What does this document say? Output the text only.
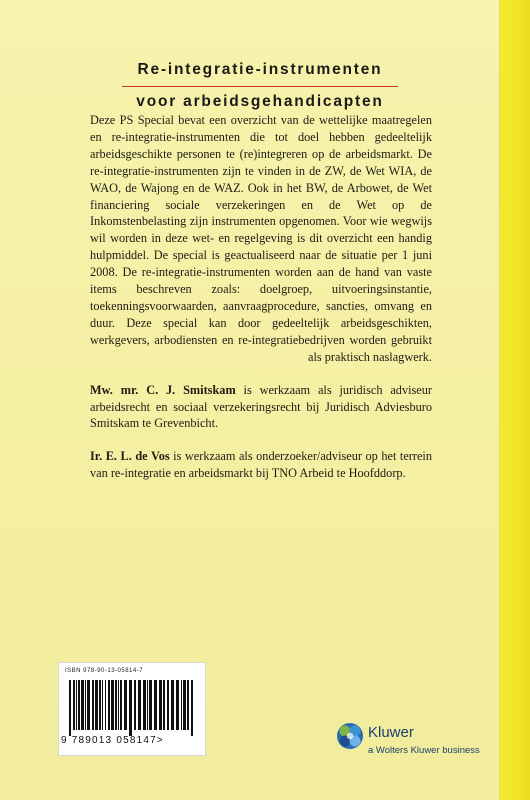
Re-integratie-instrumenten
voor arbeidsgehandicapten

Deze PS Special bevat een overzicht van de wettelijke maatregelen en re-integratie-instrumenten die tot doel hebben gedeeltelijk arbeidsgeschikte personen te (re)integreren op de arbeidsmarkt. De re-integratie-instrumenten zijn te vinden in de ZW, de Wet WIA, de WAO, de Wajong en de WAZ. Ook in het BW, de Arbowet, de Wet financiering sociale verzekeringen en de Wet op de Inkomstenbelasting zijn instrumenten opgenomen. Voor wie wegwijs wil worden in deze wet- en regelgeving is dit overzicht een handig hulpmiddel. De special is geactualiseerd naar de situatie per 1 juni 2008. De re-integratie-instrumenten worden aan de hand van vaste items beschreven zoals: doelgroep, uitvoeringsinstantie, toekenningsvoorwaarden, aanvraagprocedure, sancties, omvang en duur. Deze special kan door gedeeltelijk arbeidsgeschikten, werkgevers, arbodiensten en re-integratiebedrijven worden gebruikt als praktisch naslagwerk.

Mw. mr. C. J. Smitskam is werkzaam als juridisch adviseur arbeidsrecht en sociaal verzekeringsrecht bij Juridisch Adviesburo Smitskam te Grevenbicht.

Ir. E. L. de Vos is werkzaam als onderzoeker/adviseur op het terrein van re-integratie en arbeidsmarkt bij TNO Arbeid te Hoofddorp.

ISBN 978-90-13-05814-7
9 789013 058147>	Kluwer
a Wolters Kluwer business
